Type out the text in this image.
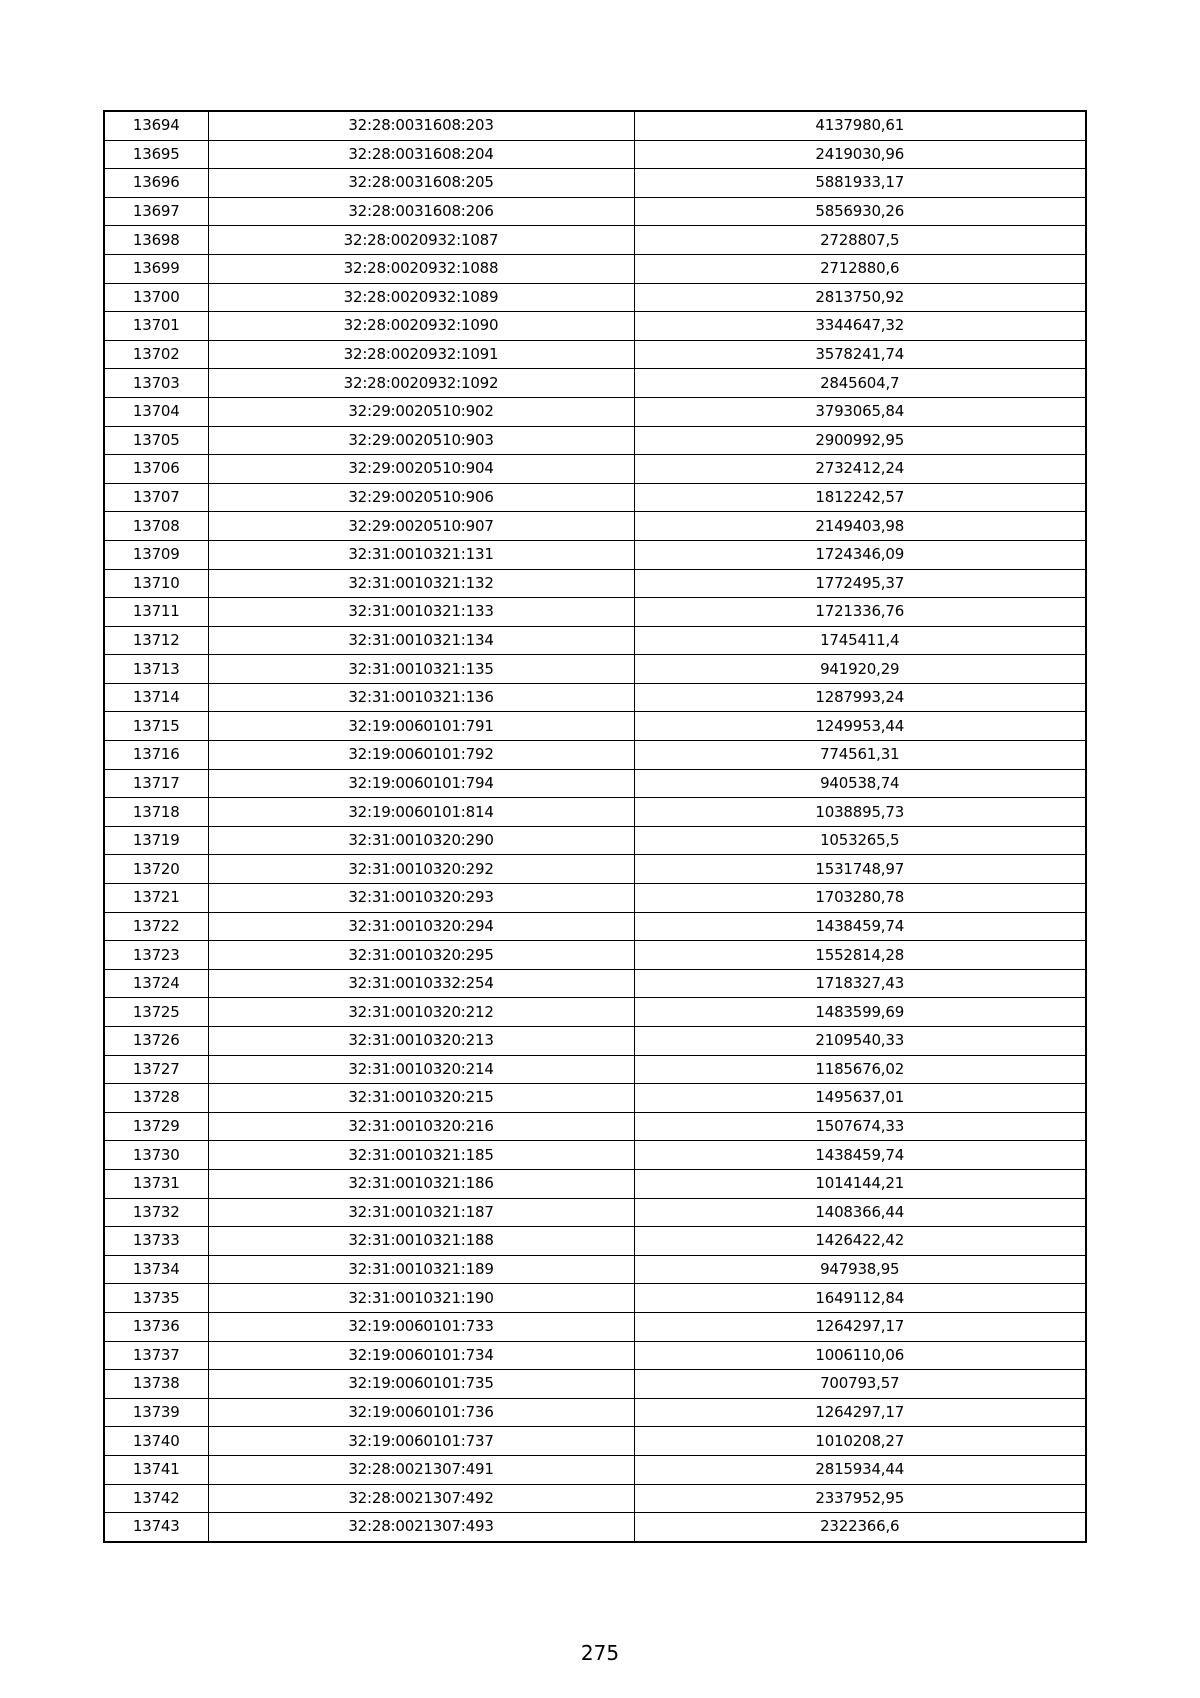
13694	32:28:0031608:203	4137980,61
13695	32:28:0031608:204	2419030,96
13696	32:28:0031608:205	5881933,17
13697	32:28:0031608:206	5856930,26
13698	32:28:0020932:1087	2728807,5
13699	32:28:0020932:1088	2712880,6
13700	32:28:0020932:1089	2813750,92
13701	32:28:0020932:1090	3344647,32
13702	32:28:0020932:1091	3578241,74
13703	32:28:0020932:1092	2845604,7
13704	32:29:0020510:902	3793065,84
13705	32:29:0020510:903	2900992,95
13706	32:29:0020510:904	2732412,24
13707	32:29:0020510:906	1812242,57
13708	32:29:0020510:907	2149403,98
13709	32:31:0010321:131	1724346,09
13710	32:31:0010321:132	1772495,37
13711	32:31:0010321:133	1721336,76
13712	32:31:0010321:134	1745411,4
13713	32:31:0010321:135	941920,29
13714	32:31:0010321:136	1287993,24
13715	32:19:0060101:791	1249953,44
13716	32:19:0060101:792	774561,31
13717	32:19:0060101:794	940538,74
13718	32:19:0060101:814	1038895,73
13719	32:31:0010320:290	1053265,5
13720	32:31:0010320:292	1531748,97
13721	32:31:0010320:293	1703280,78
13722	32:31:0010320:294	1438459,74
13723	32:31:0010320:295	1552814,28
13724	32:31:0010332:254	1718327,43
13725	32:31:0010320:212	1483599,69
13726	32:31:0010320:213	2109540,33
13727	32:31:0010320:214	1185676,02
13728	32:31:0010320:215	1495637,01
13729	32:31:0010320:216	1507674,33
13730	32:31:0010321:185	1438459,74
13731	32:31:0010321:186	1014144,21
13732	32:31:0010321:187	1408366,44
13733	32:31:0010321:188	1426422,42
13734	32:31:0010321:189	947938,95
13735	32:31:0010321:190	1649112,84
13736	32:19:0060101:733	1264297,17
13737	32:19:0060101:734	1006110,06
13738	32:19:0060101:735	700793,57
13739	32:19:0060101:736	1264297,17
13740	32:19:0060101:737	1010208,27
13741	32:28:0021307:491	2815934,44
13742	32:28:0021307:492	2337952,95
13743	32:28:0021307:493	2322366,6
275
